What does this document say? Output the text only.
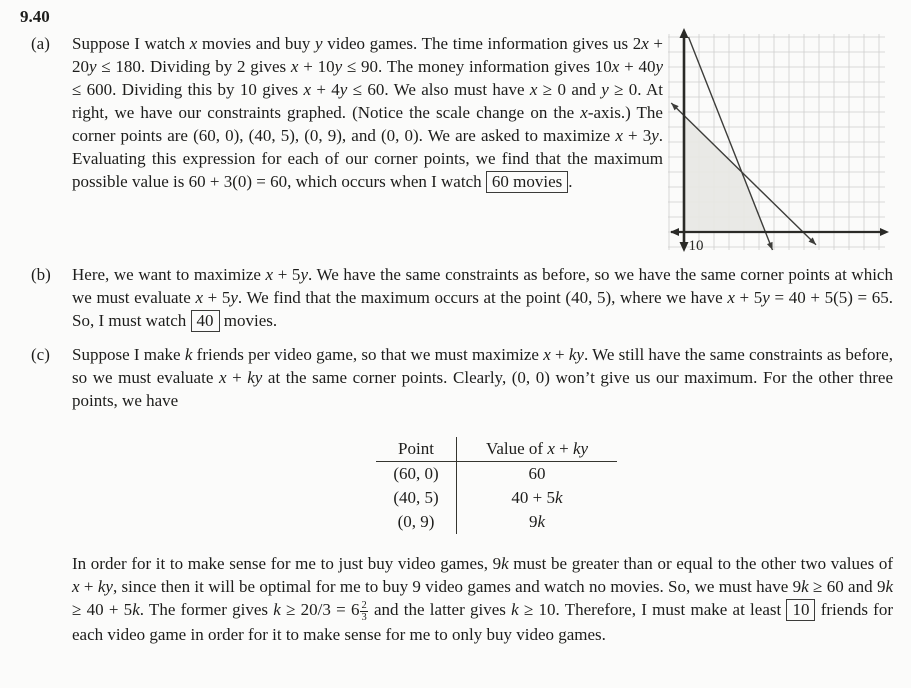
9.40
(a)	Suppose I watch x movies and buy y video games. The time information gives us 2x + 20y ≤ 180. Dividing by 2 gives x + 10y ≤ 90. The money information gives 10x + 40y ≤ 600. Dividing this by 10 gives x + 4y ≤ 60. We also must have x ≥ 0 and y ≥ 0. At right, we have our constraints graphed. (Notice the scale change on the x-axis.) The corner points are (60, 0), (40, 5), (0, 9), and (0, 0). We are asked to maximize x + 3y. Evaluating this expression for each of our corner points, we find that the maximum possible value is 60 + 3(0) = 60, which occurs when I watch 60 movies .
10
(b)	Here, we want to maximize x + 5y. We have the same constraints as before, so we have the same corner points at which we must evaluate x + 5y. We find that the maximum occurs at the point (40, 5), where we have x + 5y = 40 + 5(5) = 65. So, I must watch 40 movies.
(c)	Suppose I make k friends per video game, so that we must maximize x + ky. We still have the same constraints as before, so we must evaluate x + ky at the same corner points. Clearly, (0, 0) won’t give us our maximum. For the other three points, we have
Point	Value of x + ky
(60, 0)	60
(40, 5)	40 + 5k
(0, 9)	9k
In order for it to make sense for me to just buy video games, 9k must be greater than or equal to the other two values of x + ky, since then it will be optimal for me to buy 9 video games and watch no movies. So, we must have 9k ≥ 60 and 9k ≥ 40 + 5k. The former gives $k \ge 20/3 = 6 \frac{2}{3}$ and the latter gives k ≥ 10. Therefore, I must make at least 10 friends for each video game in order for it to make sense for me to only buy video games.
